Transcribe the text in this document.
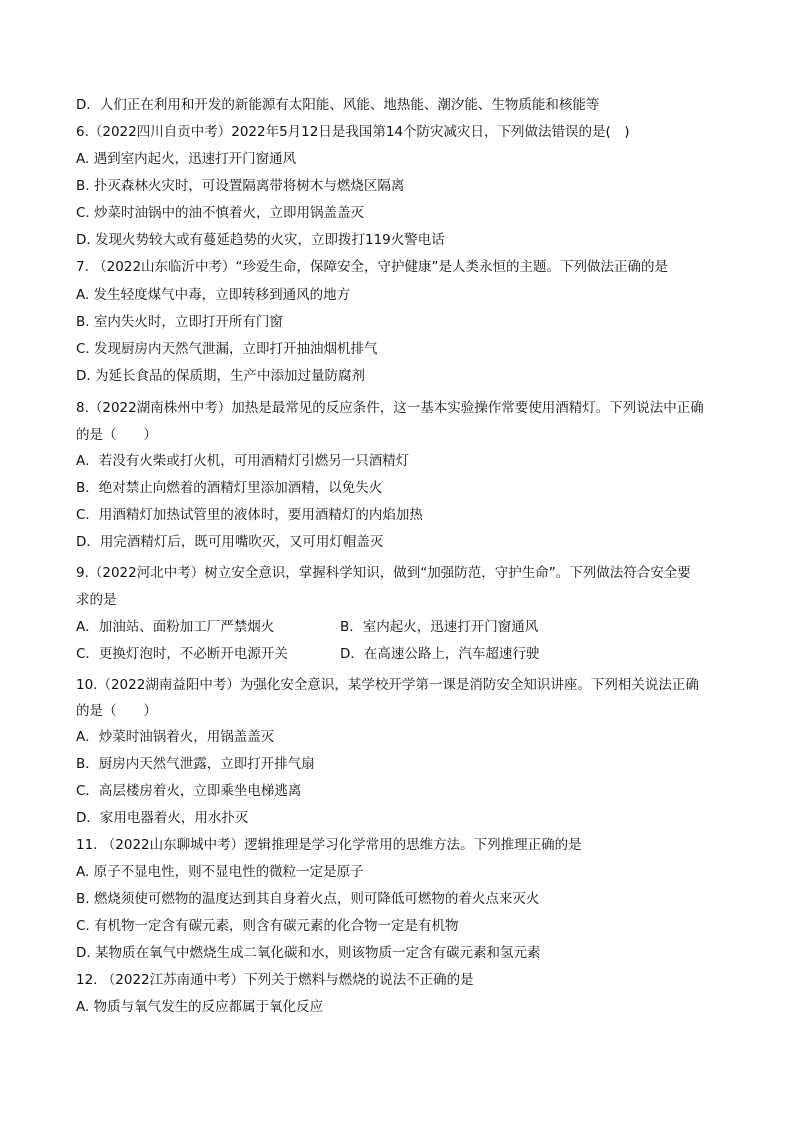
D．人们正在利用和开发的新能源有太阳能、风能、地热能、潮汐能、生物质能和核能等
6.（2022四川自贡中考）2022年5月12日是我国第14个防灾减灾日，下列做法错误的是(　)
A. 遇到室内起火，迅速打开门窗通风
B. 扑灭森林火灾时，可设置隔离带将树木与燃烧区隔离
C. 炒菜时油锅中的油不慎着火，立即用锅盖盖灭
D. 发现火势较大或有蔓延趋势的火灾，立即拨打119火警电话
7. （2022山东临沂中考）“珍爱生命，保障安全，守护健康”是人类永恒的主题。下列做法正确的是
A. 发生轻度煤气中毒，立即转移到通风的地方
B. 室内失火时，立即打开所有门窗
C. 发现厨房内天然气泄漏，立即打开抽油烟机排气
D. 为延长食品的保质期，生产中添加过量防腐剂
8.（2022湖南株州中考）加热是最常见的反应条件，这一基本实验操作常要使用酒精灯。下列说法中正确
的是（　　）
A．若没有火柴或打火机，可用酒精灯引燃另一只酒精灯
B．绝对禁止向燃着的酒精灯里添加酒精，以免失火
C．用酒精灯加热试管里的液体时，要用酒精灯的内焰加热
D．用完酒精灯后，既可用嘴吹灭，又可用灯帽盖灭
9.（2022河北中考）树立安全意识，掌握科学知识，做到“加强防范，守护生命”。下列做法符合安全要
求的是
A．加油站、面粉加工厂严禁烟火	B．室内起火，迅速打开门窗通风
C．更换灯泡时，不必断开电源开关	D．在高速公路上，汽车超速行驶
10.（2022湖南益阳中考）为强化安全意识，某学校开学第一课是消防安全知识讲座。下列相关说法正确
的是（　　）
A．炒菜时油锅着火，用锅盖盖灭
B．厨房内天然气泄露，立即打开排气扇
C．高层楼房着火，立即乘坐电梯逃离
D．家用电器着火，用水扑灭
11. （2022山东聊城中考）逻辑推理是学习化学常用的思维方法。下列推理正确的是
A. 原子不显电性，则不显电性的微粒一定是原子
B. 燃烧须使可燃物的温度达到其自身着火点，则可降低可燃物的着火点来灭火
C. 有机物一定含有碳元素，则含有碳元素的化合物一定是有机物
D. 某物质在氧气中燃烧生成二氧化碳和水，则该物质一定含有碳元素和氢元素
12. （2022江苏南通中考）下列关于燃料与燃烧的说法不正确的是
A. 物质与氧气发生的反应都属于氧化反应
